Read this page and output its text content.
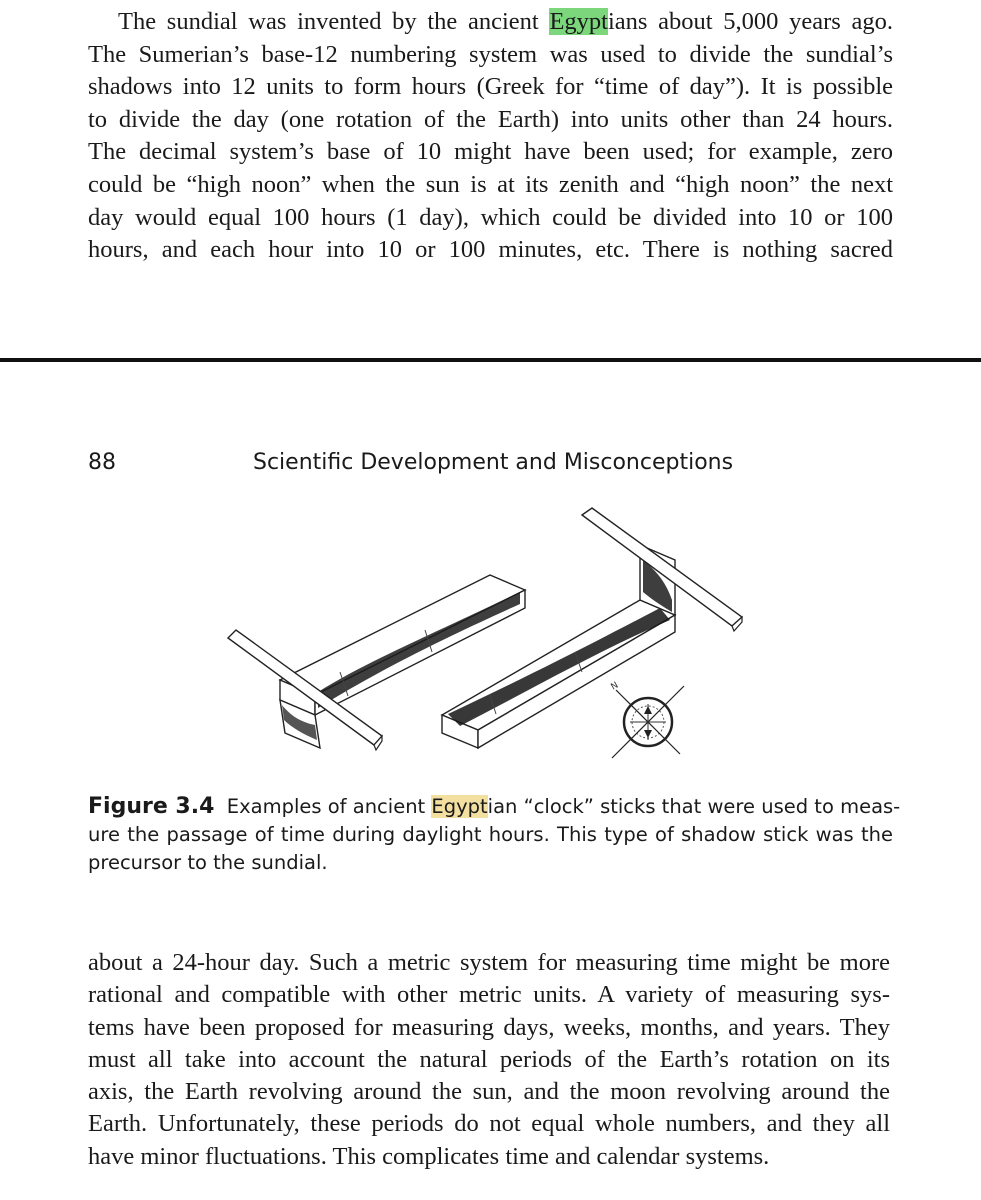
The sundial was invented by the ancient Egyptians about 5,000 years ago.
The Sumerian’s base-12 numbering system was used to divide the sundial’s
shadows into 12 units to form hours (Greek for “time of day”). It is possible
to divide the day (one rotation of the Earth) into units other than 24 hours.
The decimal system’s base of 10 might have been used; for example, zero
could be “high noon” when the sun is at its zenith and “high noon” the next
day would equal 100 hours (1 day), which could be divided into 10 or 100
hours, and each hour into 10 or 100 minutes, etc. There is nothing sacred
88	Scientific Development and Misconceptions
N
Figure 3.4 Examples of ancient Egyptian “clock” sticks that were used to meas-
ure the passage of time during daylight hours. This type of shadow stick was the
precursor to the sundial.
about a 24-hour day. Such a metric system for measuring time might be more
rational and compatible with other metric units. A variety of measuring sys-
tems have been proposed for measuring days, weeks, months, and years. They
must all take into account the natural periods of the Earth’s rotation on its
axis, the Earth revolving around the sun, and the moon revolving around the
Earth. Unfortunately, these periods do not equal whole numbers, and they all
have minor fluctuations. This complicates time and calendar systems.
